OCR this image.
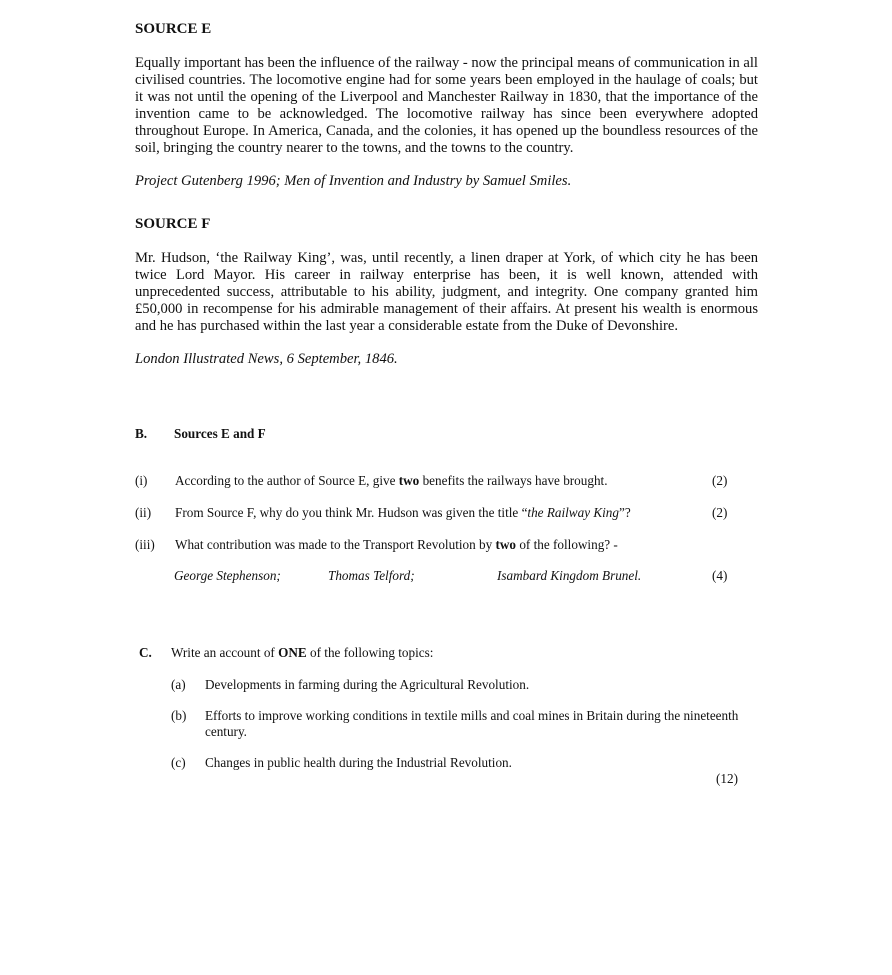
SOURCE E
Equally important has been the influence of the railway - now the principal means of communication in all civilised countries. The locomotive engine had for some years been employed in the haulage of coals; but it was not until the opening of the Liverpool and Manchester Railway in 1830, that the importance of the invention came to be acknowledged. The locomotive railway has since been everywhere adopted throughout Europe. In America, Canada, and the colonies, it has opened up the boundless resources of the soil, bringing the country nearer to the towns, and the towns to the country.
Project Gutenberg 1996; Men of Invention and Industry by Samuel Smiles.
SOURCE F
Mr. Hudson, ‘the Railway King’, was, until recently, a linen draper at York, of which city he has been twice Lord Mayor. His career in railway enterprise has been, it is well known, attended with unprecedented success, attributable to his ability, judgment, and integrity. One company granted him £50,000 in recompense for his admirable management of their affairs. At present his wealth is enormous and he has purchased within the last year a considerable estate from the Duke of Devonshire.
London Illustrated News, 6 September, 1846.
B. Sources E and F
(i) According to the author of Source E, give two benefits the railways have brought.	(2)
(ii) From Source F, why do you think Mr. Hudson was given the title “the Railway King”?	(2)
(iii) What contribution was made to the Transport Revolution by two of the following? -
George Stephenson;	Thomas Telford;	Isambard Kingdom Brunel.	(4)
C. Write an account of ONE of the following topics:
(a) Developments in farming during the Agricultural Revolution.
(b) Efforts to improve working conditions in textile mills and coal mines in Britain during the nineteenth century.
(c) Changes in public health during the Industrial Revolution.
(12)
